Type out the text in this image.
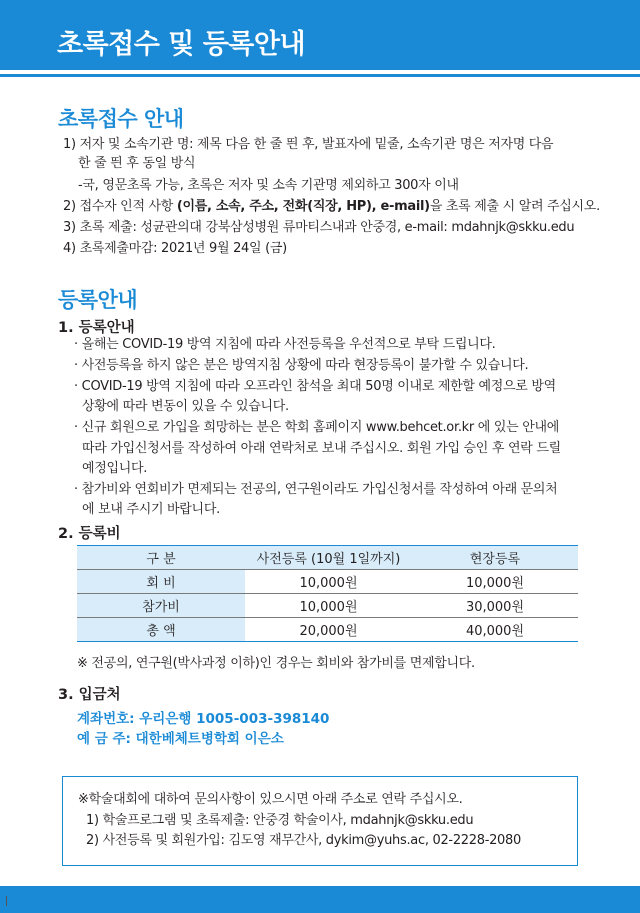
초록접수 및 등록안내
초록접수 안내
1) 저자 및 소속기관 명: 제목 다음 한 줄 띈 후, 발표자에 밑줄, 소속기관 명은 저자명 다음
한 줄 띈 후 동일 방식
-국, 영문초록 가능, 초록은 저자 및 소속 기관명 제외하고 300자 이내
2) 접수자 인적 사항 (이름, 소속, 주소, 전화(직장, HP), e-mail)을 초록 제출 시 알려 주십시오.
3) 초록 제출: 성균관의대 강북삼성병원 류마티스내과 안중경, e-mail: mdahnjk@skku.edu
4) 초록제출마감: 2021년 9월 24일 (금)
등록안내
1. 등록안내
· 올해는 COVID-19 방역 지침에 따라 사전등록을 우선적으로 부탁 드립니다.
· 사전등록을 하지 않은 분은 방역지침 상황에 따라 현장등록이 불가할 수 있습니다.
· COVID-19 방역 지침에 따라 오프라인 참석을 최대 50명 이내로 제한할 예정으로 방역
상황에 따라 변동이 있을 수 있습니다.
· 신규 회원으로 가입을 희망하는 분은 학회 홈페이지 www.behcet.or.kr 에 있는 안내에
따라 가입신청서를 작성하여 아래 연락처로 보내 주십시오. 회원 가입 승인 후 연락 드릴
예정입니다.
· 참가비와 연회비가 면제되는 전공의, 연구원이라도 가입신청서를 작성하여 아래 문의처
에 보내 주시기 바랍니다.
2. 등록비
구 분	사전등록 (10월 1일까지)	현장등록
회 비	10,000원	10,000원
참가비	10,000원	30,000원
총 액	20,000원	40,000원
※ 전공의, 연구원(박사과정 이하)인 경우는 회비와 참가비를 면제합니다.
3. 입금처
계좌번호: 우리은행 1005-003-398140
예 금 주: 대한베체트병학회 이은소
※학술대회에 대하여 문의사항이 있으시면 아래 주소로 연락 주십시오.
1) 학술프로그램 및 초록제출: 안중경 학술이사, mdahnjk@skku.edu
2) 사전등록 및 회원가입: 김도영 재무간사, dykim@yuhs.ac, 02-2228-2080
